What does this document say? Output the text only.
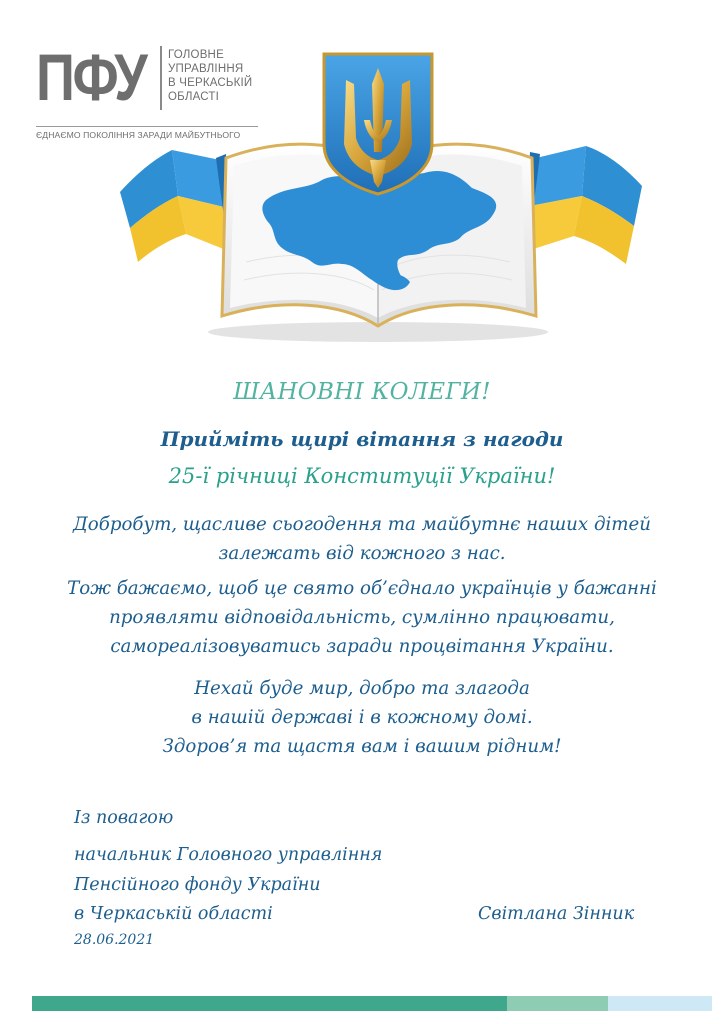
ПФУ ГОЛОВНЕ
УПРАВЛІННЯ
В ЧЕРКАСЬКІЙ
ОБЛАСТІ
ЄДНАЄМО ПОКОЛІННЯ ЗАРАДИ МАЙБУТНЬОГО
ШАНОВНІ КОЛЕГИ!
Прийміть щирі вітання з нагоди
25-ї річниці Конституції України!
Добробут, щасливе сьогодення та майбутнє наших дітей
залежать від кожного з нас.
Тож бажаємо, щоб це свято об’єднало українців у бажанні
проявляти відповідальність, сумлінно працювати,
самореалізовуватись заради процвітання України.
Нехай буде мир, добро та злагода
в нашій державі і в кожному домі.
Здоров’я та щастя вам і вашим рідним!
Із повагою
начальник Головного управління
Пенсійного фонду України
в Черкаській області	Світлана Зінник
28.06.2021
